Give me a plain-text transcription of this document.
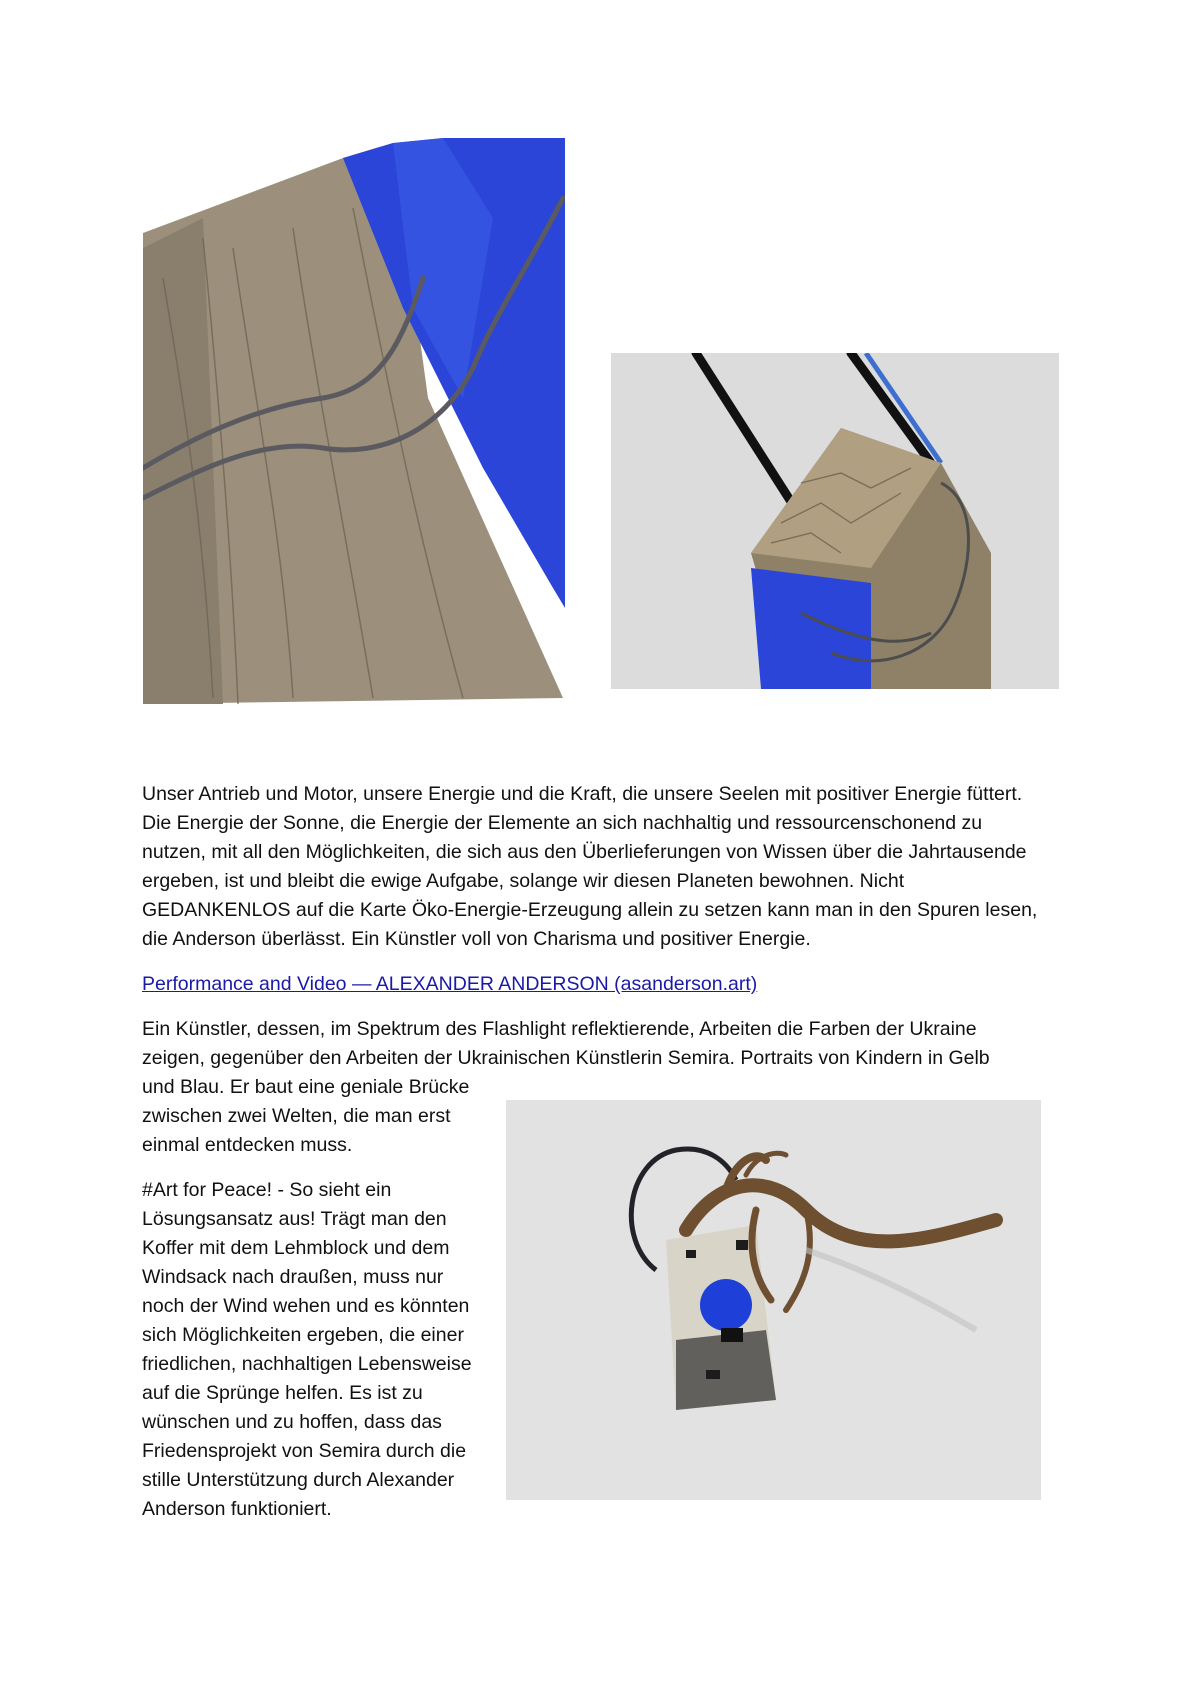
Unser Antrieb und Motor, unsere Energie und die Kraft, die unsere Seelen mit positiver Energie füttert. Die Energie der Sonne, die Energie der Elemente an sich nachhaltig und ressourcenschonend zu nutzen, mit all den Möglichkeiten, die sich aus den Überlieferungen von Wissen über die Jahrtausende ergeben, ist und bleibt die ewige Aufgabe, solange wir diesen Planeten bewohnen. Nicht GEDANKENLOS auf die Karte Öko-Energie-Erzeugung allein zu setzen kann man in den Spuren lesen, die Anderson überlässt. Ein Künstler voll von Charisma und positiver Energie.

Performance and Video — ALEXANDER ANDERSON (asanderson.art)

Ein Künstler, dessen, im Spektrum des Flashlight reflektierende, Arbeiten die Farben der Ukraine zeigen, gegenüber den Arbeiten der Ukrainischen Künstlerin Semira. Portraits von Kindern in Gelb

und Blau. Er baut eine geniale Brücke zwischen zwei Welten, die man erst einmal entdecken muss.

#Art for Peace! - So sieht ein Lösungsansatz aus! Trägt man den Koffer mit dem Lehmblock und dem Windsack nach draußen, muss nur noch der Wind wehen und es könnten sich Möglichkeiten ergeben, die einer friedlichen, nachhaltigen Lebensweise auf die Sprünge helfen. Es ist zu wünschen und zu hoffen, dass das Friedensprojekt von Semira durch die stille Unterstützung durch Alexander Anderson funktioniert.
